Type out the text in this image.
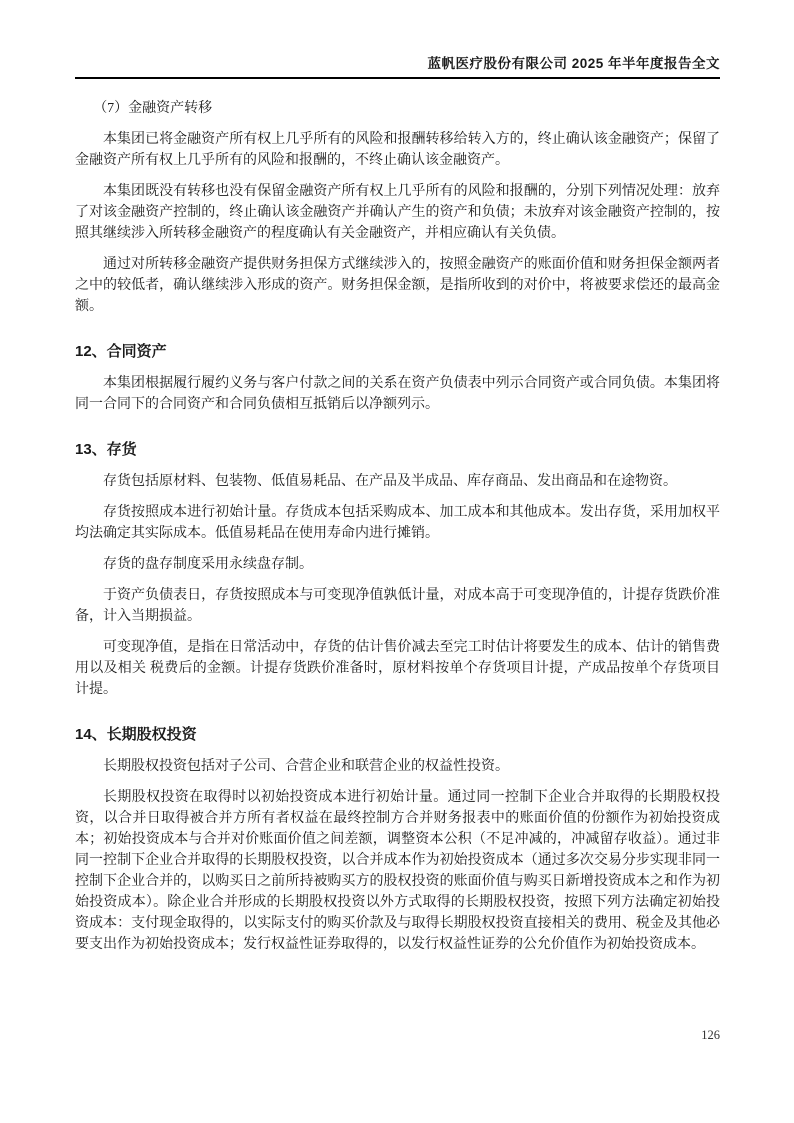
蓝帆医疗股份有限公司 2025 年半年度报告全文
（7）金融资产转移
本集团已将金融资产所有权上几乎所有的风险和报酬转移给转入方的，终止确认该金融资产；保留了金融资产所有权上几乎所有的风险和报酬的，不终止确认该金融资产。
本集团既没有转移也没有保留金融资产所有权上几乎所有的风险和报酬的，分别下列情况处理：放弃了对该金融资产控制的，终止确认该金融资产并确认产生的资产和负债；未放弃对该金融资产控制的，按照其继续涉入所转移金融资产的程度确认有关金融资产，并相应确认有关负债。
通过对所转移金融资产提供财务担保方式继续涉入的，按照金融资产的账面价值和财务担保金额两者之中的较低者，确认继续涉入形成的资产。财务担保金额，是指所收到的对价中，将被要求偿还的最高金额。
12、合同资产
本集团根据履行履约义务与客户付款之间的关系在资产负债表中列示合同资产或合同负债。本集团将同一合同下的合同资产和合同负债相互抵销后以净额列示。
13、存货
存货包括原材料、包装物、低值易耗品、在产品及半成品、库存商品、发出商品和在途物资。
存货按照成本进行初始计量。存货成本包括采购成本、加工成本和其他成本。发出存货，采用加权平均法确定其实际成本。低值易耗品在使用寿命内进行摊销。
存货的盘存制度采用永续盘存制。
于资产负债表日，存货按照成本与可变现净值孰低计量，对成本高于可变现净值的，计提存货跌价准备，计入当期损益。
可变现净值，是指在日常活动中，存货的估计售价减去至完工时估计将要发生的成本、估计的销售费用以及相关 税费后的金额。计提存货跌价准备时，原材料按单个存货项目计提，产成品按单个存货项目计提。
14、长期股权投资
长期股权投资包括对子公司、合营企业和联营企业的权益性投资。
长期股权投资在取得时以初始投资成本进行初始计量。通过同一控制下企业合并取得的长期股权投资，以合并日取得被合并方所有者权益在最终控制方合并财务报表中的账面价值的份额作为初始投资成本；初始投资成本与合并对价账面价值之间差额，调整资本公积（不足冲减的，冲减留存收益）。通过非同一控制下企业合并取得的长期股权投资，以合并成本作为初始投资成本（通过多次交易分步实现非同一控制下企业合并的，以购买日之前所持被购买方的股权投资的账面价值与购买日新增投资成本之和作为初始投资成本）。除企业合并形成的长期股权投资以外方式取得的长期股权投资，按照下列方法确定初始投资成本：支付现金取得的，以实际支付的购买价款及与取得长期股权投资直接相关的费用、税金及其他必要支出作为初始投资成本；发行权益性证券取得的，以发行权益性证券的公允价值作为初始投资成本。
126
